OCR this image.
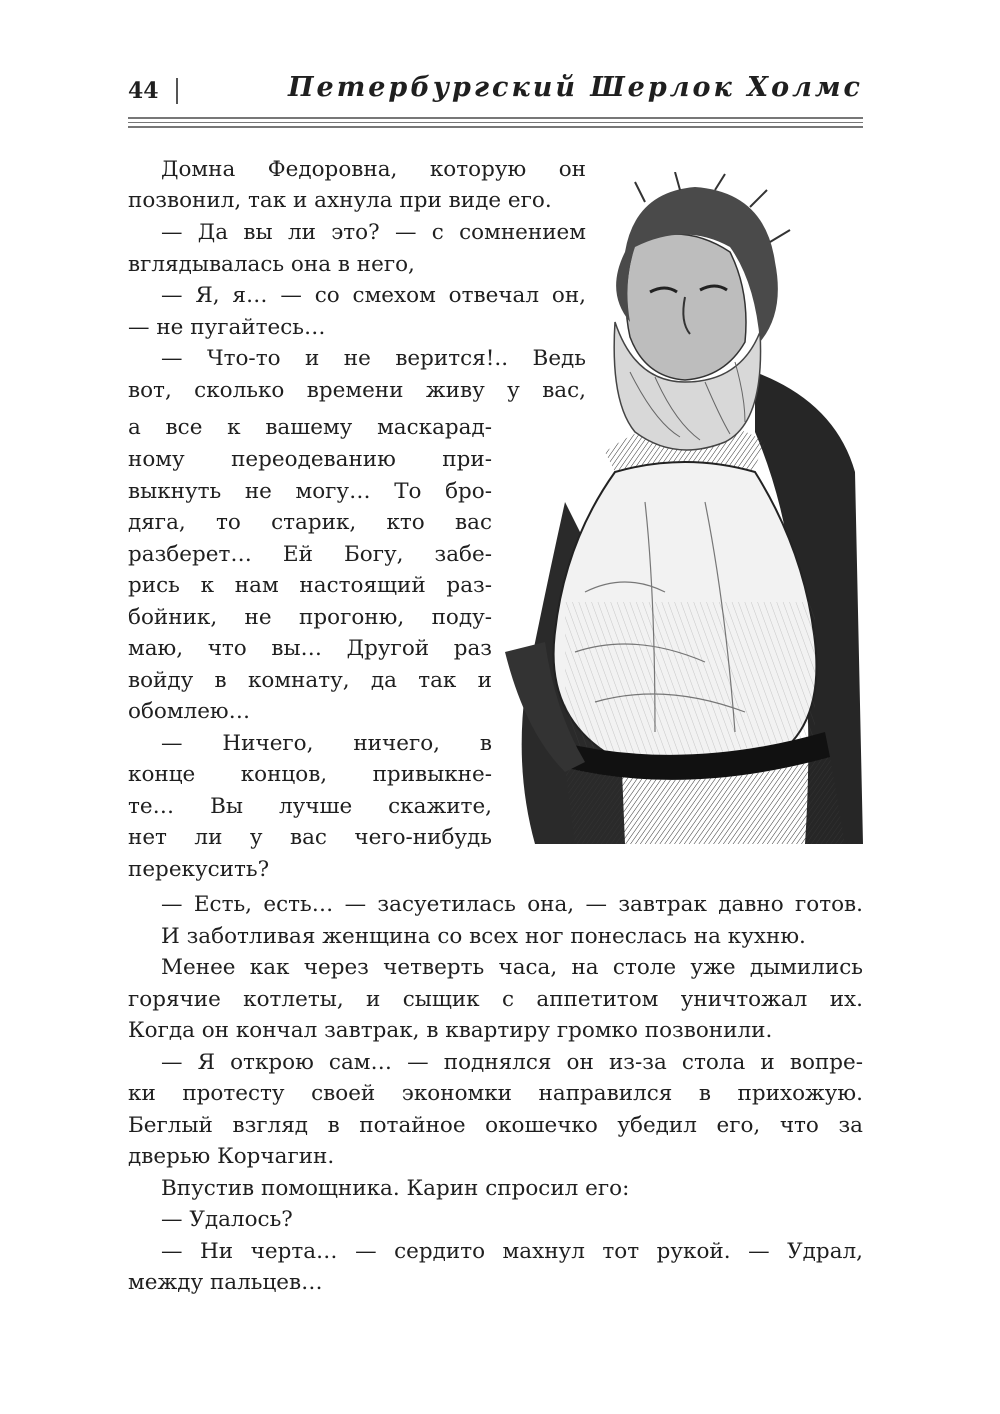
44	Петербургский Шерлок Холмс
Домна Федоровна, которую он
позвонил, так и ахнула при виде его.
— Да вы ли это? — с сомнением
вглядывалась она в него,
— Я, я… — со смехом отвечал он,
— не пугайтесь…
— Что-то и не верится!.. Ведь
вот, сколько времени живу у вас,
а все к вашему маскарад-
ному переодеванию при-
выкнуть не могу… То бро-
дяга, то старик, кто вас
разберет… Ей Богу, забе-
рись к нам настоящий раз-
бойник, не прогоню, поду-
маю, что вы… Другой раз
войду в комнату, да так и
обомлею…
— Ничего, ничего, в
конце концов, привыкне-
те… Вы лучше скажите,
нет ли у вас чего-нибудь
перекусить?
— Есть, есть… — засуетилась она, — завтрак давно готов.
И заботливая женщина со всех ног понеслась на кухню.
Менее как через четверть часа, на столе уже дымились
горячие котлеты, и сыщик с аппетитом уничтожал их.
Когда он кончал завтрак, в квартиру громко позвонили.
— Я открою сам… — поднялся он из-за стола и вопре-
ки протесту своей экономки направился в прихожую.
Беглый взгляд в потайное окошечко убедил его, что за
дверью Корчагин.
Впустив помощника. Карин спросил его:
— Удалось?
— Ни черта… — сердито махнул тот рукой. — Удрал,
между пальцев…
